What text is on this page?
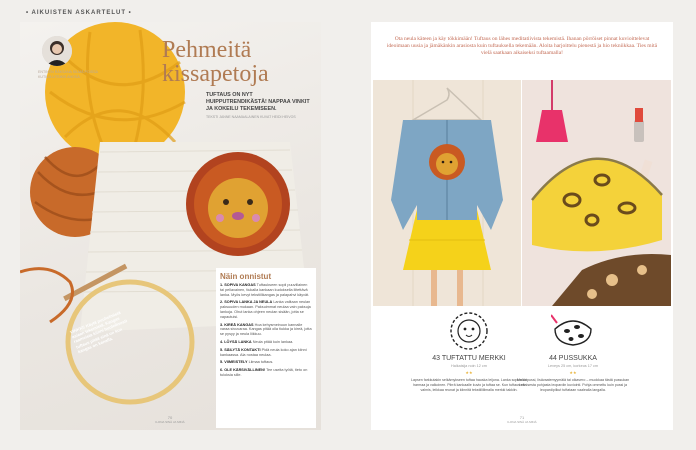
ENTINEN RAKSANA SILMÄ POISSA KUTILIA UTSIKIS AHOSA
Pehmeitä kissapetoja
TUFTAUS ON NYT HUIPPUTRENDIKÄSTÄ! NAPPAA VINKIT JA KOKEILU TEKEMISEEN.
TEKSTI JANNE NAAMAALAINEN KUVAT HEIDI HEIVOS
VINKKI! Käytä puuhelmistä asiaan tekemistä. Kangas raameista kiinni huolellisesti tuftaus pitää sinä on kun kangas on kanalla.
Näin onnistut
1. SOPIVA KANGAS Tuftaukseen sopii puuvillainen tai pellavainen, tiukalla kankaan kudoksella liitettävä lanka. Myös kevyt tekstiilikangas ja palapahvi käyvät.
2. SOPIVA LANKA JA NEULA Lanka valitaan neulan paksuuden mukaan. Paksuimmat neulaa vain paksuja lankoja. Ohut lanka ohjeen neulan sisään, jotta se vapautuisi.
3. KIREÄ KANGAS Hoa kehysmeinuun kannalle varaa sivuvaraa. Kangas pitää olla tiukka ja kireä, jotta se pysyy ja neula liikkuu.
4. LÖYSÄ LANKA Neula pitää kuin lankaa.
5. SÄILYTÄ KONTAKTI Pidä neula koko ajan kiinni kankaassa. Ala nostaa neulaa.
5. VIIMEISTELY Liimaa tuftaus.
6. OLE KÄRSIVÄLLINEN! Tee useita työtä, tieto on tuloksia sille.
70
ILONA SINÄ JA MINÄ
• AIKUISTEN ASKARTELUT •
Ota neula käteen ja käy tökkimään! Tuftaus on lähes meditatiivista tekemistä. Ihanan pörröiset pinnat kuvioittelevat ideoimaan uusia ja jämäkänkin arasiosta kuin tuftauksella tekemään. Aloita harjoittelu pienestä ja hio tekniikkaa. Ties mitä vielä saatkaan aikaiseksi tuftaamalla!
43 TUFTATTU MERKKI
Halkaisija noin 12 cm
★★
Lapsen farkkutakin selkämykseen tuftaa hauska leijona. Lanka sopiva on harmaa ja valkoinen. Piirrä kankaalle kuvio ja tuftaa se. Kun tuftaus on valmis, leikkaa reunat ja kiinnitä tekstiililiimalla merkki takkiin.
44 PUSSUKKA
Leveys 25 cm, korkeus 17 cm
★★
Meikkipussi, lisävaatemyymälä tai olkavero – muokkaa tästä pussukan keltaisesta pohjasta leopardin kuviointi. Pohja ommeltu kuin pussi ja leopardipilkut tuftataan vaalealla langalla.
71
ILONA SINÄ JA MINÄ
